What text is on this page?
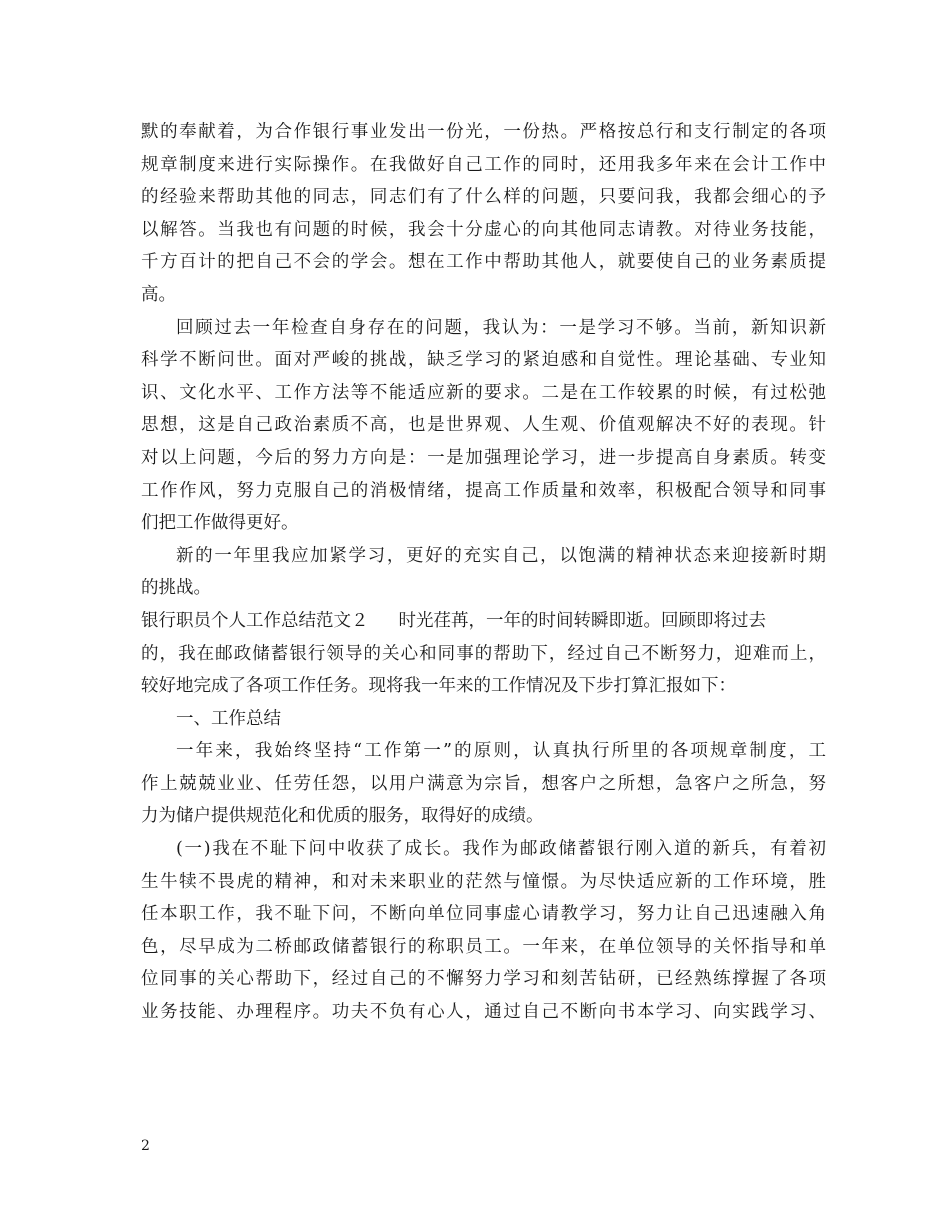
默的奉献着，为合作银行事业发出一份光，一份热。严格按总行和支行制定的各项
规章制度来进行实际操作。在我做好自己工作的同时，还用我多年来在会计工作中
的经验来帮助其他的同志，同志们有了什么样的问题，只要问我，我都会细心的予
以解答。当我也有问题的时候，我会十分虚心的向其他同志请教。对待业务技能，
千方百计的把自己不会的学会。想在工作中帮助其他人，就要使自己的业务素质提
高。
回顾过去一年检查自身存在的问题，我认为：一是学习不够。当前，新知识新
科学不断问世。面对严峻的挑战，缺乏学习的紧迫感和自觉性。理论基础、专业知
识、文化水平、工作方法等不能适应新的要求。二是在工作较累的时候，有过松弛
思想，这是自己政治素质不高，也是世界观、人生观、价值观解决不好的表现。针
对以上问题，今后的努力方向是：一是加强理论学习，进一步提高自身素质。转变
工作作风，努力克服自己的消极情绪，提高工作质量和效率，积极配合领导和同事
们把工作做得更好。
新的一年里我应加紧学习，更好的充实自己，以饱满的精神状态来迎接新时期
的挑战。
银行职员个人工作总结范文２ 时光荏苒，一年的时间转瞬即逝。回顾即将过去
的，我在邮政储蓄银行领导的关心和同事的帮助下，经过自己不断努力，迎难而上，
较好地完成了各项工作任务。现将我一年来的工作情况及下步打算汇报如下：
一、工作总结
一年来，我始终坚持“工作第一”的原则，认真执行所里的各项规章制度，工
作上兢兢业业、任劳任怨，以用户满意为宗旨，想客户之所想，急客户之所急，努
力为储户提供规范化和优质的服务，取得好的成绩。
(一)我在不耻下问中收获了成长。我作为邮政储蓄银行刚入道的新兵，有着初
生牛犊不畏虎的精神，和对未来职业的茫然与憧憬。为尽快适应新的工作环境，胜
任本职工作，我不耻下问，不断向单位同事虚心请教学习，努力让自己迅速融入角
色，尽早成为二桥邮政储蓄银行的称职员工。一年来，在单位领导的关怀指导和单
位同事的关心帮助下，经过自己的不懈努力学习和刻苦钻研，已经熟练撑握了各项
业务技能、办理程序。功夫不负有心人，通过自己不断向书本学习、向实践学习、
2
